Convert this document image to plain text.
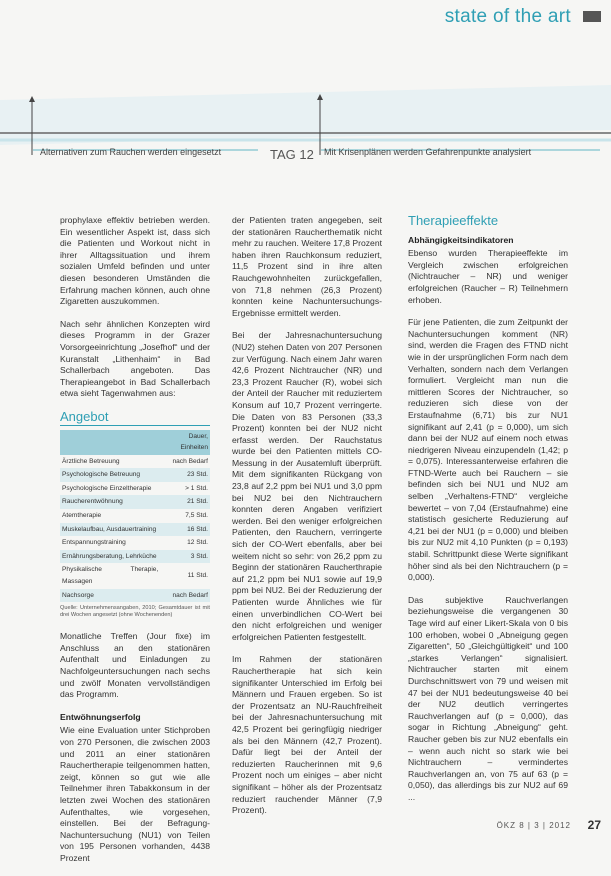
state of the art
Alternativen zum Rauchen werden eingesetzt	TAG 12 Mit Krisenplänen werden Gefahrenpunkte analysiert

prophylaxe effektiv betrieben werden. Ein wesentlicher Aspekt ist, dass sich die Patienten und Workout nicht in ihrer Alltagssituation und ihrem sozialen Umfeld befinden und unter diesen besonderen Umständen die Erfahrung machen können, auch ohne Zigaretten auszukommen.

Nach sehr ähnlichen Konzepten wird dieses Programm in der Grazer Vorsorgeeinrichtung „Josefhof“ und der Kuranstalt „Lithenhaim“ in Bad Schallerbach angeboten. Das Therapieangebot in Bad Schallerbach etwa sieht Tagenwahmen aus:

Angebot
	Dauer, Einheiten
Ärztliche Betreuung	nach Bedarf
Psychologische Betreuung	23 Std.
Psychologische Einzeltherapie	> 1 Std.
Raucherentwöhnung	21 Std.
Atemtherapie	7,5 Std.
Muskelaufbau, Ausdauertraining	16 Std.
Entspannungstraining	12 Std.
Ernährungsberatung, Lehrküche	3 Std.
Physikalische Therapie, Massagen	11 Std.
Nachsorge	nach Bedarf
Quelle: Unternehmensangaben, 2010; Gesamtdauer ist mit drei Wochen angesetzt (ohne Wochenenden)

Monatliche Treffen (Jour fixe) im Anschluss an den stationären Aufenthalt und Einladungen zu Nachfolgeuntersuchungen nach sechs und zwölf Monaten vervollständigen das Programm.

Entwöhnungserfolg

Wie eine Evaluation unter Stichproben von 270 Personen, die zwischen 2003 und 2011 an einer stationären Rauchertherapie teilgenommen hatten, zeigt, können so gut wie alle Teilnehmer ihren Tabakkonsum in der letzten zwei Wochen des stationären Aufenthaltes, wie vorgesehen, einstellen. Bei der Befragung-Nachuntersuchung (NU1) von Teilen von 195 Personen vorhanden, 4438 Prozent

der Patienten traten angegeben, seit der stationären Raucherthematik nicht mehr zu rauchen. Weitere 17,8 Prozent haben ihren Rauchkonsum reduziert, 11,5 Prozent sind in ihre alten Rauchgewohnheiten zurückgefallen, von 71,8 nehmen (26,3 Prozent) konnten keine Nachuntersuchungs-Ergebnisse ermittelt werden.

Bei der Jahresnachuntersuchung (NU2) stehen Daten von 207 Personen zur Verfügung. Nach einem Jahr waren 42,6 Prozent Nichtraucher (NR) und 23,3 Prozent Raucher (R), wobei sich der Anteil der Raucher mit reduziertem Konsum auf 10,7 Prozent verringerte. Die Daten von 83 Personen (33,3 Prozent) konnten bei der NU2 nicht erfasst werden. Der Rauchstatus wurde bei den Patienten mittels CO-Messung in der Ausatemluft überprüft. Mit dem signifikanten Rückgang von 23,8 auf 2,2 ppm bei NU1 und 3,0 ppm bei NU2 bei den Nichtrauchern konnten deren Angaben verifiziert werden. Bei den weniger erfolgreichen Patienten, den Rauchern, verringerte sich der CO-Wert ebenfalls, aber bei weitem nicht so sehr: von 26,2 ppm zu Beginn der stationären Raucherthrapie auf 21,2 ppm bei NU1 sowie auf 19,9 ppm bei NU2. Bei der Reduzierung der Patienten wurde Ähnliches wie für einen unverbindlichen CO-Wert bei den nicht erfolgreichen und weniger erfolgreichen Patienten festgestellt.

Im Rahmen der stationären Rauchertherapie hat sich kein signifikanter Unterschied im Erfolg bei Männern und Frauen ergeben. So ist der Prozentsatz an NU-Rauchfreiheit bei der Jahresnachuntersuchung mit 42,5 Prozent bei geringfügig niedriger als bei den Männern (42,7 Prozent). Dafür liegt bei der Anteil der reduzierten Raucherinnen mit 9,6 Prozent noch um einiges – aber nicht signifikant – höher als der Prozentsatz reduziert rauchender Männer (7,9 Prozent).

Therapieeffekte
Abhängigkeitsindikatoren

Ebenso wurden Therapieeffekte im Vergleich zwischen erfolgreichen (Nichtraucher – NR) und weniger erfolgreichen (Raucher – R) Teilnehmern erhoben.

Für jene Patienten, die zum Zeitpunkt der Nachuntersuchungen komment (NR) sind, werden die Fragen des FTND nicht wie in der ursprünglichen Form nach dem Verhalten, sondern nach dem Verlangen formuliert. Vergleicht man nun die mittleren Scores der Nichtraucher, so reduzieren sich diese von der Erstaufnahme (6,71) bis zur NU1 signifikant auf 2,41 (p = 0,000), um sich dann bei der NU2 auf einem noch etwas niedrigeren Niveau einzupendeln (1,42; p = 0,075). Interessanterweise erfahren die FTND-Werte auch bei Rauchern – sie befinden sich bei NU1 und NU2 am selben „Verhaltens-FTND“ vergleiche bewertet – von 7,04 (Erstaufnahme) eine statistisch gesicherte Reduzierung auf 4,21 bei der NU1 (p = 0,000) und bleiben bis zur NU2 mit 4,10 Punkten (p = 0,193) stabil. Schrittpunkt diese Werte signifikant höher sind als bei den Nichtrauchern (p = 0,000).

Das subjektive Rauchverlangen beziehungsweise die vergangenen 30 Tage wird auf einer Likert-Skala von 0 bis 100 erhoben, wobei 0 „Abneigung gegen Zigaretten“, 50 „Gleichgültigkeit“ und 100 „starkes Verlangen“ signalisiert. Nichtraucher starten mit einem Durchschnittswert von 79 und weisen mit 47 bei der NU1 bedeutungsweise 40 bei der NU2 deutlich verringertes Rauchverlangen auf (p = 0,000), das sogar in Richtung „Abneigung“ geht. Raucher geben bis zur NU2 ebenfalls ein – wenn auch nicht so stark wie bei Nichtrauchern – vermindertes Rauchverlangen an, von 75 auf 63 (p = 0,050), das allerdings bis zur NU2 auf 69 ...

ÖKZ 8 | 3 | 2012 27
